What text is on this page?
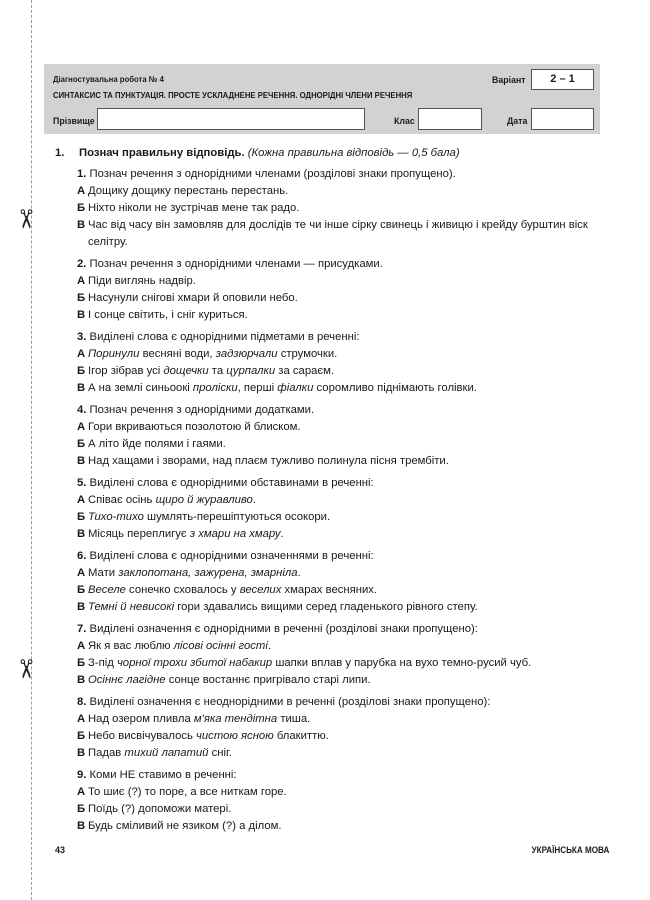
✂
✂
Діагностувальна робота № 4
СИНТАКСИС ТА ПУНКТУАЦІЯ. ПРОСТЕ УСКЛАДНЕНЕ РЕЧЕННЯ. ОДНОРІДНІ ЧЛЕНИ РЕЧЕННЯ
Варіант	2 – 1
Прізвище	Клас	Дата
1.	Познач правильну відповідь. (Кожна правильна відповідь — 0,5 бала)
1. Познач речення з однорідними членами (розділові знаки пропущено).
А Дощику дощику перестань перестань.
Б Ніхто ніколи не зустрічав мене так радо.
В Час від часу він замовляв для дослідів те чи інше сірку свинець і живицю і крейду бурштин віск селітру.
2. Познач речення з однорідними членами — присудками.
А Піди виглянь надвір.
Б Насунули снігові хмари й оповили небо.
В І сонце світить, і сніг куриться.
3. Виділені слова є однорідними підметами в реченні:
А Поринули весняні води, задзюрчали струмочки.
Б Ігор зібрав усі дощечки та цурпалки за сараєм.
В А на землі синьоокі пролiски, перші фіалки соромливо піднімають голівки.
4. Познач речення з однорідними додатками.
А Гори вкриваються позолотою й блиском.
Б А літо йде полями і гаями.
В Над хащами і зворами, над плаєм тужливо полинула пісня трембіти.
5. Виділені слова є однорідними обставинами в реченні:
А Співає осінь щиро й журавливо.
Б Тихо-тихо шумлять-перешіптуються осокори.
В Місяць переплигує з хмари на хмару.
6. Виділені слова є однорідними означеннями в реченні:
А Мати заклопотана, зажурена, змарніла.
Б Веселе сонечко сховалось у веселих хмарах весняних.
В Темні й невисокі гори здавались вищими серед гладенького рівного степу.
7. Виділені означення є однорідними в реченні (розділові знаки пропущено):
А Як я вас люблю лісові осінні гості.
Б З-під чорної трохи збитої набакир шапки вплав у парубка на вухо темно-русий чуб.
В Осіннє лагідне сонце востаннє пригрівало старі липи.
8. Виділені означення є неоднорідними в реченні (розділові знаки пропущено):
А Над озером пливла м'яка тендітна тиша.
Б Небо висвічувалось чистою ясною блакиттю.
В Падав тихий лапатий сніг.
9. Коми НЕ ставимо в реченні:
А То шиє (?) то поре, а все ниткам горе.
Б Поїдь (?) допоможи матері.
В Будь сміливий не язиком (?) а ділом.
43	УКРАЇНСЬКА МОВА
